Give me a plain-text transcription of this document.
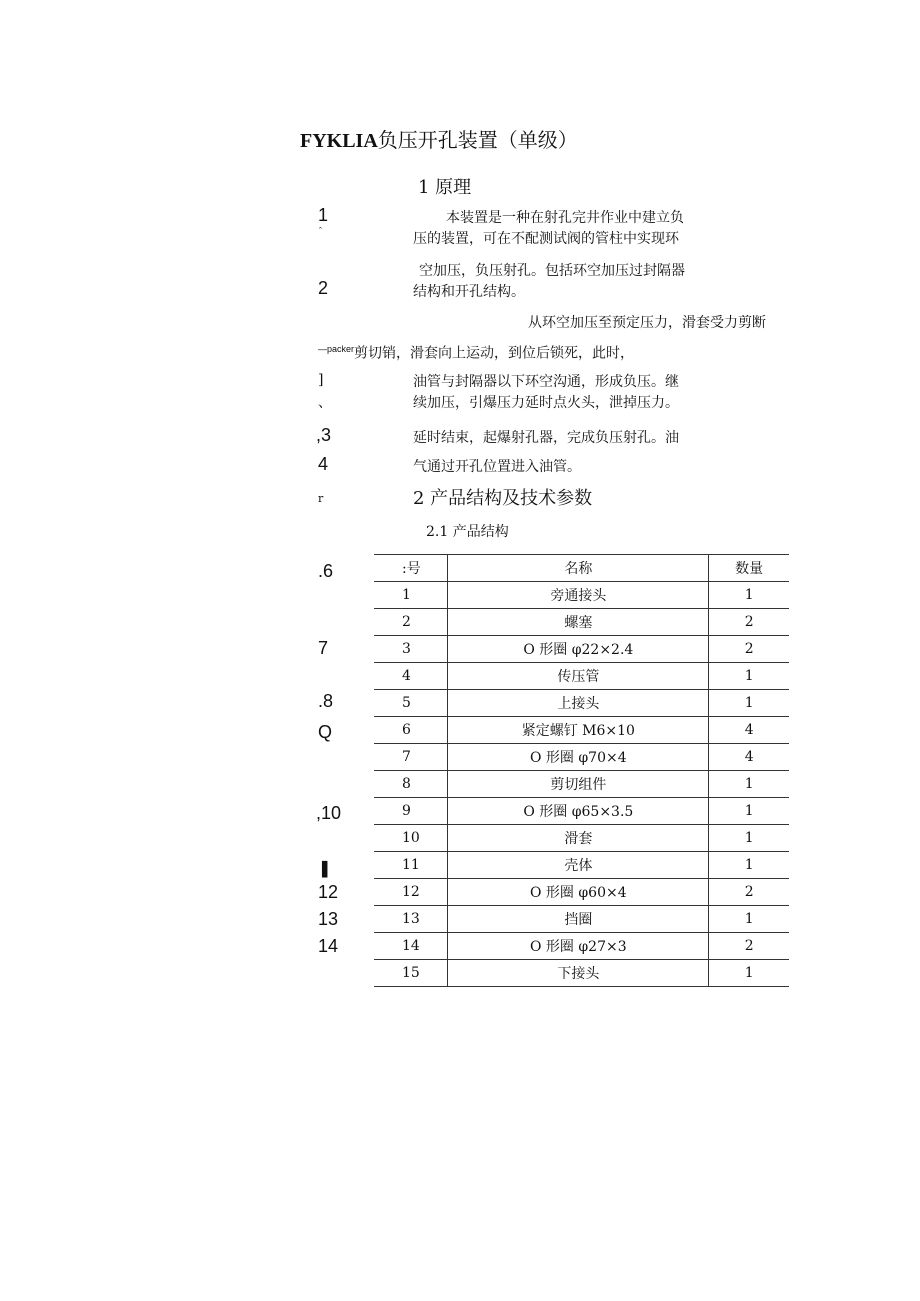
FYKLIA负压开孔装置（单级）
1 原理
本装置是一种在射孔完井作业中建立负
压的装置，可在不配测试阀的管柱中实现环
空加压，负压射孔。包括环空加压过封隔器
结构和开孔结构。
从环空加压至预定压力，滑套受力剪断
$^{—packer}$剪切销，滑套向上运动，到位后锁死，此时，
油管与封隔器以下环空沟通，形成负压。继
续加压，引爆压力延时点火头，泄掉压力。
延时结束，起爆射孔器，完成负压射孔。油
气通过开孔位置进入油管。
2 产品结构及技术参数
2.1 产品结构
1
ˆ
2
]
、
,3
4
r
.6
7
.8
Q
,10
▌
12
13
14
:号	名称	数量
1	旁通接头	1
2	螺塞	2
3	O 形圈 φ22×2.4	2
4	传压管	1
5	上接头	1
6	紧定螺钉 M6×10	4
7	O 形圈 φ70×4	4
8	剪切组件	1
9	O 形圈 φ65×3.5	1
10	滑套	1
11	壳体	1
12	O 形圈 φ60×4	2
13	挡圈	1
14	O 形圈 φ27×3	2
15	下接头	1
